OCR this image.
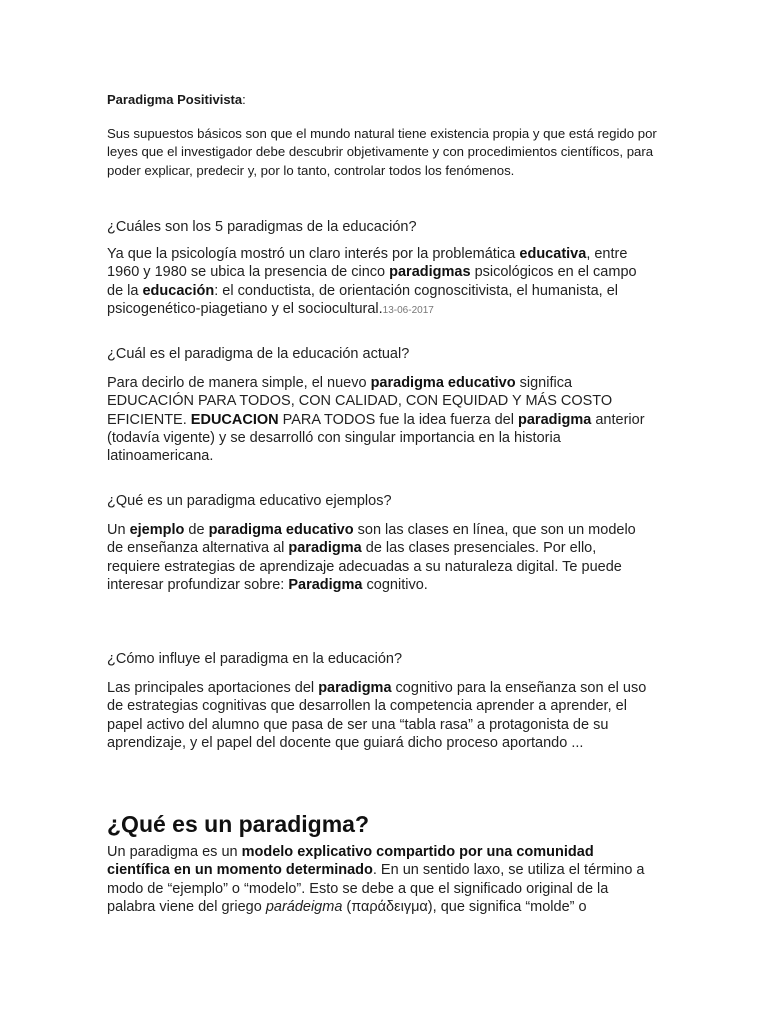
Paradigma Positivista:
Sus supuestos básicos son que el mundo natural tiene existencia propia y que está regido por leyes que el investigador debe descubrir objetivamente y con procedimientos científicos, para poder explicar, predecir y, por lo tanto, controlar todos los fenómenos.
¿Cuáles son los 5 paradigmas de la educación?
Ya que la psicología mostró un claro interés por la problemática educativa, entre 1960 y 1980 se ubica la presencia de cinco paradigmas psicológicos en el campo de la educación: el conductista, de orientación cognoscitivista, el humanista, el psicogenético-piagetiano y el sociocultural.13-06-2017
¿Cuál es el paradigma de la educación actual?
Para decirlo de manera simple, el nuevo paradigma educativo significa EDUCACIÓN PARA TODOS, CON CALIDAD, CON EQUIDAD Y MÁS COSTO EFICIENTE. EDUCACION PARA TODOS fue la idea fuerza del paradigma anterior (todavía vigente) y se desarrolló con singular importancia en la historia latinoamericana.
¿Qué es un paradigma educativo ejemplos?
Un ejemplo de paradigma educativo son las clases en línea, que son un modelo de enseñanza alternativa al paradigma de las clases presenciales. Por ello, requiere estrategias de aprendizaje adecuadas a su naturaleza digital. Te puede interesar profundizar sobre: Paradigma cognitivo.
¿Cómo influye el paradigma en la educación?
Las principales aportaciones del paradigma cognitivo para la enseñanza son el uso de estrategias cognitivas que desarrollen la competencia aprender a aprender, el papel activo del alumno que pasa de ser una “tabla rasa” a protagonista de su aprendizaje, y el papel del docente que guiará dicho proceso aportando ...
¿Qué es un paradigma?
Un paradigma es un modelo explicativo compartido por una comunidad científica en un momento determinado. En un sentido laxo, se utiliza el término a modo de “ejemplo” o “modelo”. Esto se debe a que el significado original de la palabra viene del griego parádeigma (παράδειγμα), que significa “molde” o
